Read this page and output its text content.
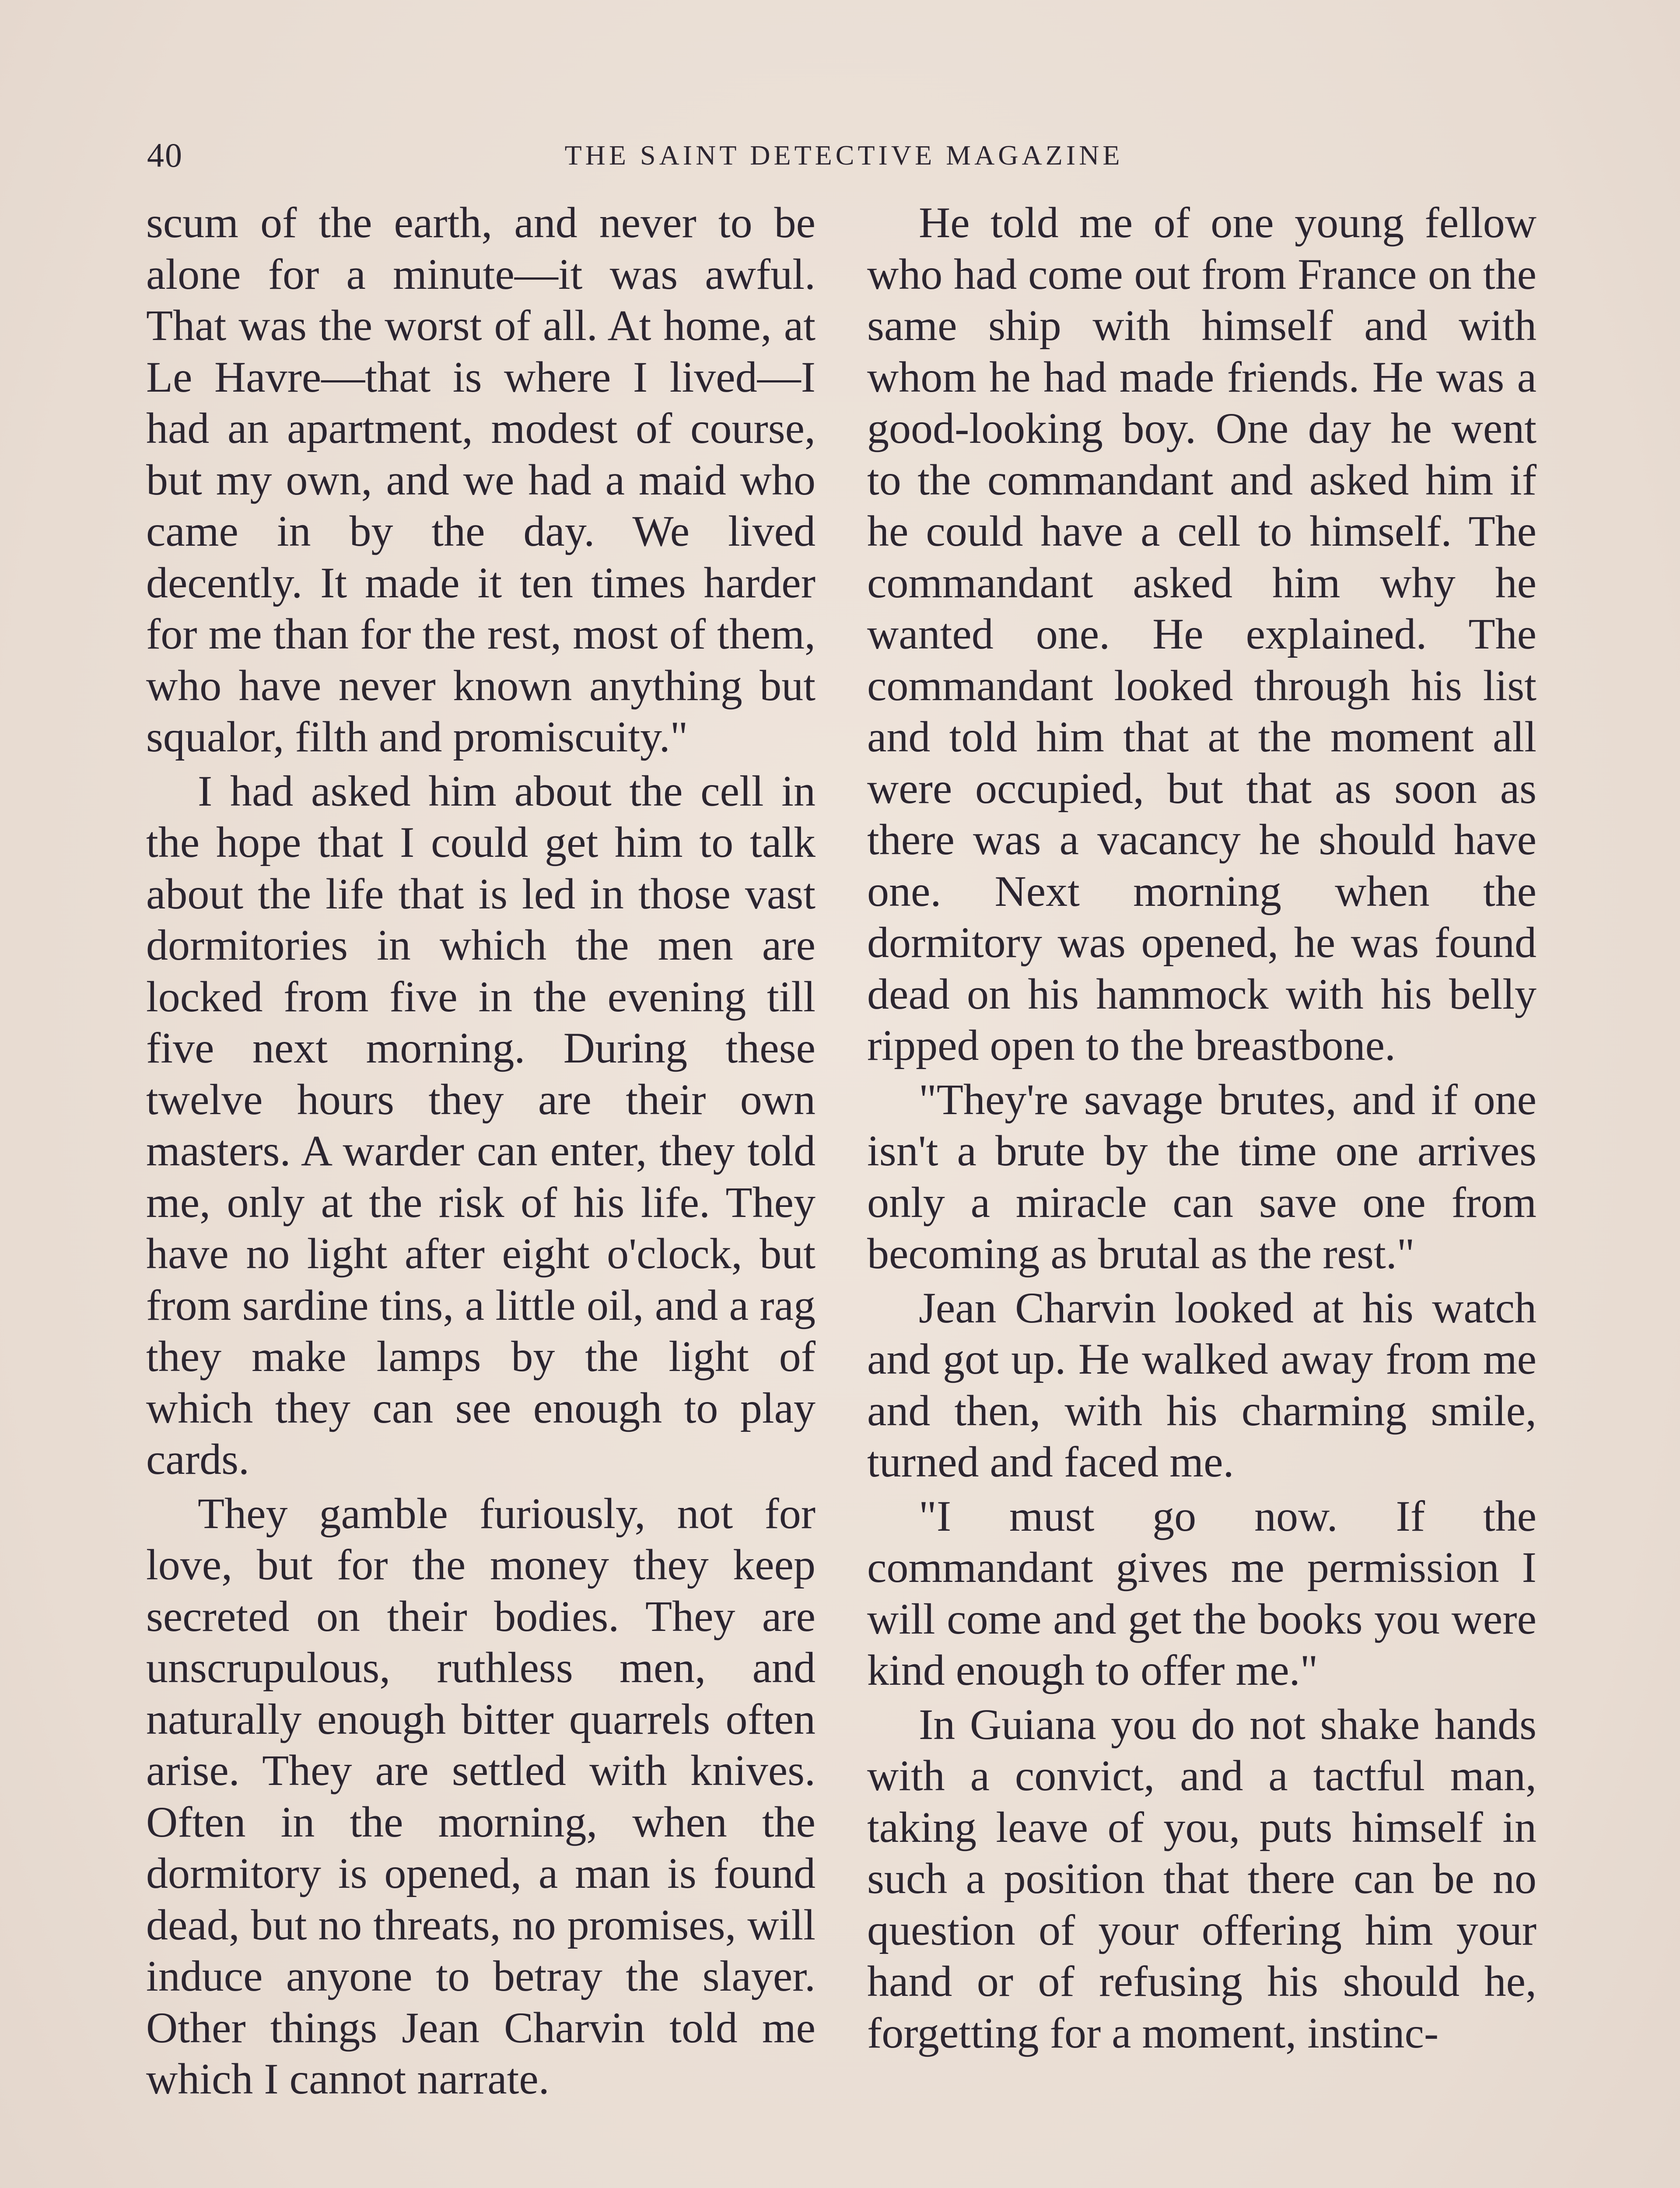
40	THE SAINT DETECTIVE MAGAZINE

scum of the earth, and never to be alone for a minute—it was awful. That was the worst of all. At home, at Le Havre—that is where I lived—I had an apartment, modest of course, but my own, and we had a maid who came in by the day. We lived decently. It made it ten times harder for me than for the rest, most of them, who have never known anything but squalor, filth and promiscuity."

I had asked him about the cell in the hope that I could get him to talk about the life that is led in those vast dormitories in which the men are locked from five in the evening till five next morning. During these twelve hours they are their own masters. A warder can enter, they told me, only at the risk of his life. They have no light after eight o'clock, but from sardine tins, a little oil, and a rag they make lamps by the light of which they can see enough to play cards.

They gamble furiously, not for love, but for the money they keep secreted on their bodies. They are unscrupulous, ruthless men, and naturally enough bitter quarrels often arise. They are settled with knives. Often in the morning, when the dormitory is opened, a man is found dead, but no threats, no promises, will induce anyone to betray the slayer. Other things Jean Charvin told me which I cannot narrate.

He told me of one young fellow who had come out from France on the same ship with himself and with whom he had made friends. He was a good-looking boy. One day he went to the commandant and asked him if he could have a cell to himself. The commandant asked him why he wanted one. He explained. The commandant looked through his list and told him that at the moment all were occupied, but that as soon as there was a vacancy he should have one. Next morning when the dormitory was opened, he was found dead on his hammock with his belly ripped open to the breastbone.

"They're savage brutes, and if one isn't a brute by the time one arrives only a miracle can save one from becoming as brutal as the rest."

Jean Charvin looked at his watch and got up. He walked away from me and then, with his charming smile, turned and faced me.

"I must go now. If the commandant gives me permission I will come and get the books you were kind enough to offer me."

In Guiana you do not shake hands with a convict, and a tactful man, taking leave of you, puts himself in such a position that there can be no question of your offering him your hand or of refusing his should he, forgetting for a moment, instinc-
